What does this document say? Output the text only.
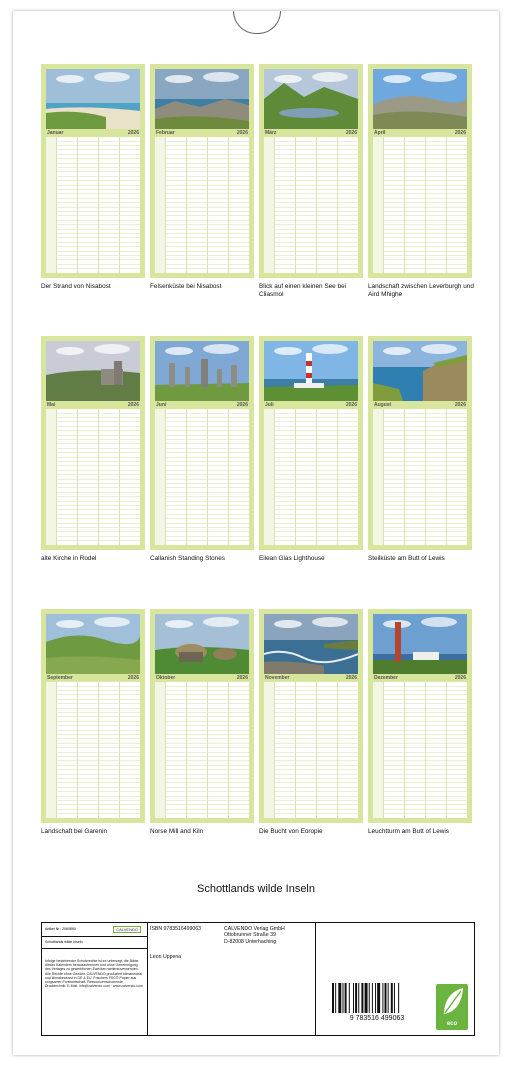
Januar	2026
Der Strand von Nisabost
Februar	2026
Felsenküste bei Nisabost
März	2026
Blick auf einen kleinen See bei Cliasmol
April	2026
Landschaft zwischen Leverburgh und Aird Mhighe
Mai	2026
alte Kirche in Rodel
Juni	2026
Callanish Standing Stones
Juli	2026
Eilean Glas Lighthouse
August	2026
Steilküste am Butt of Lewis
September	2026
Landschaft bei Garenin
Oktober	2026
Norse Mill and Kiln
November	2026
Die Bucht von Eoropie
Dezember	2026
Leuchtturm am Butt of Lewis
Schottlands wilde Inseln
Artikel Nr.: 2060890	CALVENDO
Schottlands wilde Inseln
Infolge bestehender Schutzrechte ist es untersagt, die Bilder dieses Kalenders herauszutrennen und ohne Genehmigung des Verlages zu gewerblichen Zwecken weiterzuverwenden. Alle Rechte ohne Gewähr. CALVENDO produziert klimaneutral und klimabewusst in DE & EU. Frischers FSC®-Papier aus sorgsamer Forstwirtschaft. Ressourcenschonende Drucktechnik. E-Mail: info@calvendo.com · www.calvendo.com
ISBN 9783516499063	CALVENDO Verlag GmbH
Ottobrunner Straße 39
D-82008 Unterhaching
Leon Uppena
9 783516 499063
eco
